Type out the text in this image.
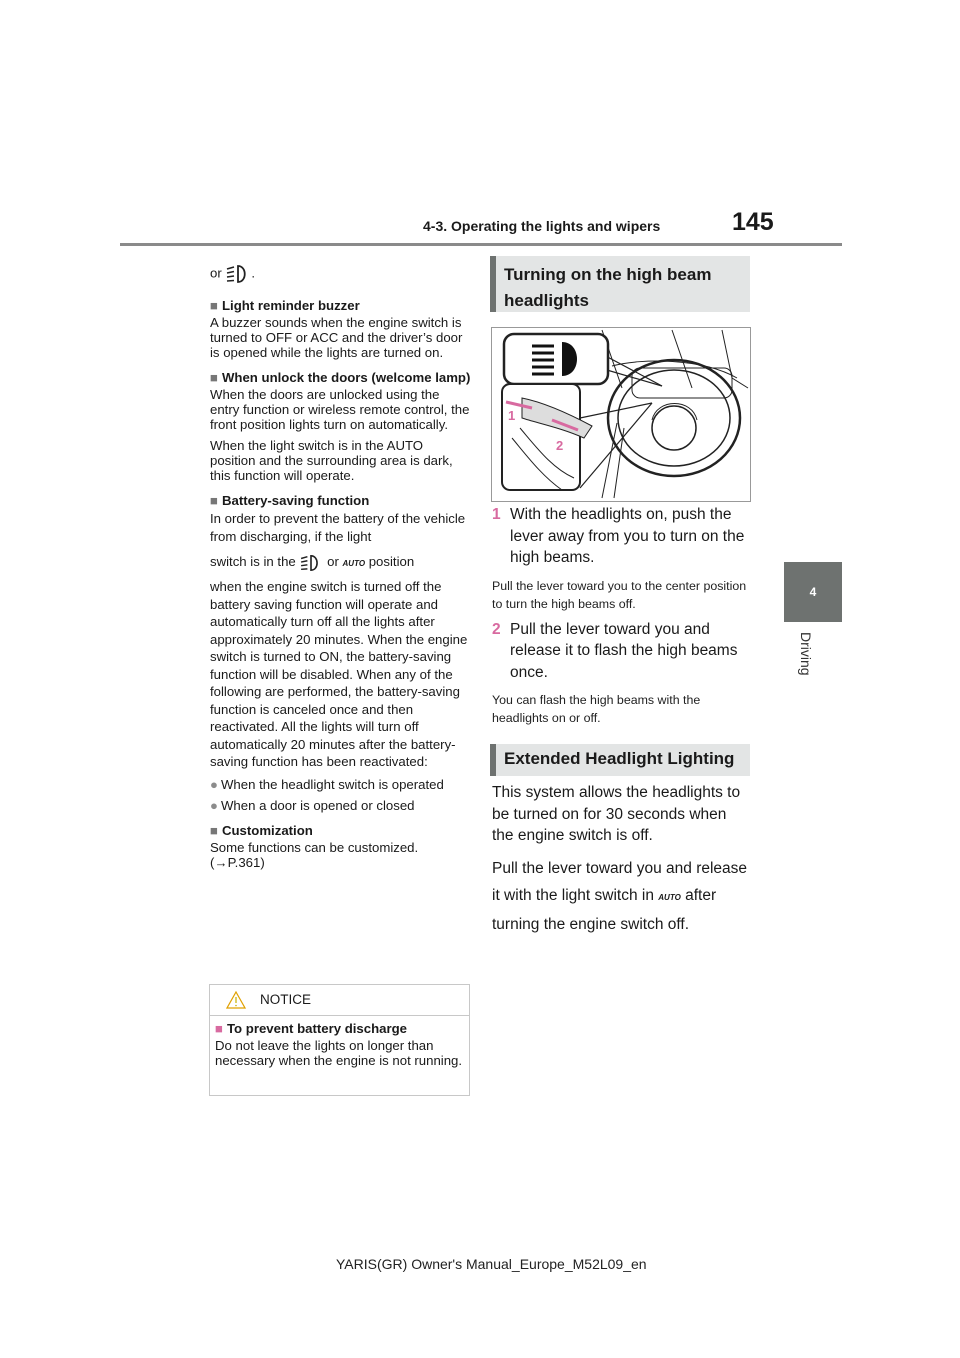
4-3. Operating the lights and wipers	145
4
Driving

or .

■ Light reminder buzzer

A buzzer sounds when the engine switch is turned to OFF or ACC and the driver’s door is opened while the lights are turned on.

■ When unlock the doors (welcome lamp)

When the doors are unlocked using the entry function or wireless remote control, the front position lights turn on automatically.

When the light switch is in the AUTO position and the surrounding area is dark, this function will operate.

■ Battery-saving function

In order to prevent the battery of the vehicle from discharging, if the light

switch is in the or AUTO position

when the engine switch is turned off the battery saving function will operate and automatically turn off all the lights after approximately 20 minutes. When the engine switch is turned to ON, the battery-saving function will be disabled. When any of the following are performed, the battery-saving function is canceled once and then reactivated. All the lights will turn off automatically 20 minutes after the battery-saving function has been reactivated:

● When the headlight switch is operated
● When a door is opened or closed
■ Customization

Some functions can be customized. (→P.361)

NOTICE
■ To prevent battery discharge
Do not leave the lights on longer than necessary when the engine is not running.
Turning on the high beam headlights
1
2
1 With the headlights on, push the lever away from you to turn on the high beams.
Pull the lever toward you to the center position to turn the high beams off.
2 Pull the lever toward you and release it to flash the high beams once.
You can flash the high beams with the headlights on or off.
Extended Headlight Lighting
This system allows the headlights to be turned on for 30 seconds when the engine switch is off.
Pull the lever toward you and release it with the light switch in AUTO after turning the engine switch off.
YARIS(GR) Owner's Manual_Europe_M52L09_en
